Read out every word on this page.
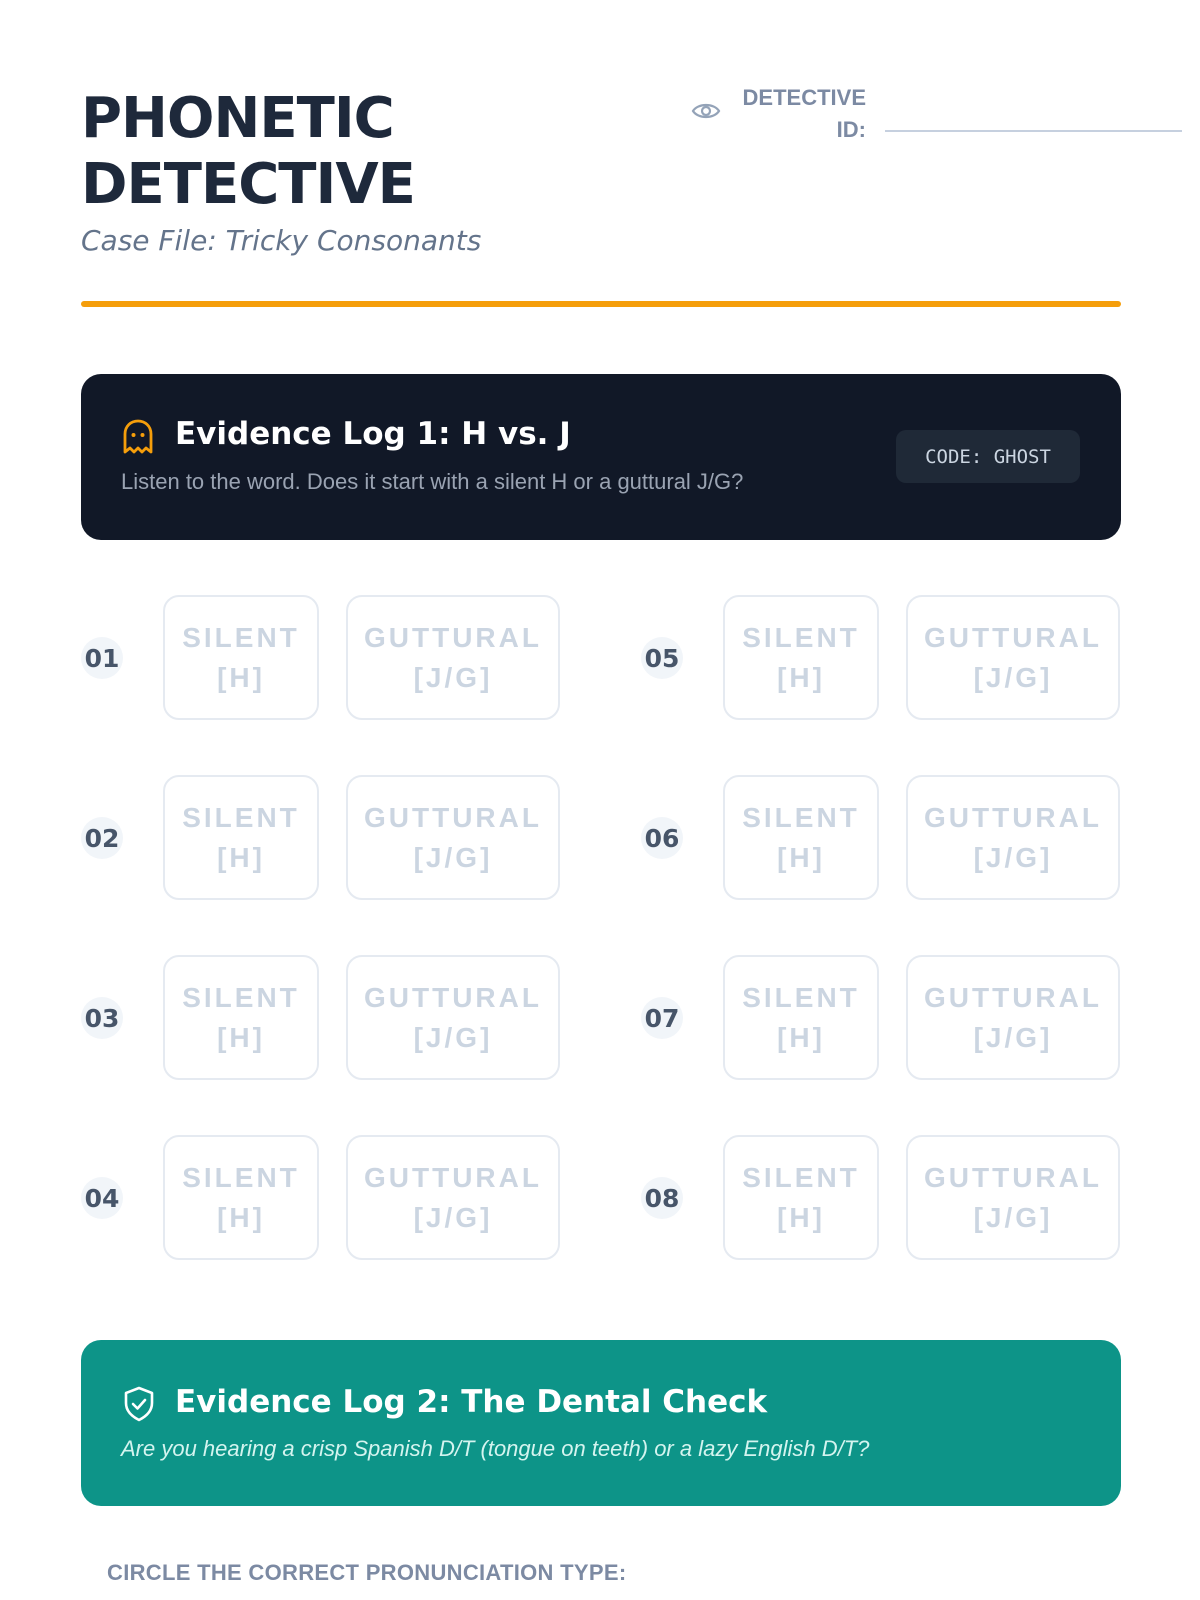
PHONETIC DETECTIVE
Case File: Tricky Consonants
DETECTIVE ID:
Evidence Log 1: H vs. J
Listen to the word. Does it start with a silent H or a guttural J/G?
CODE: GHOST
01
SILENT
[H]
GUTTURAL
[J/G]
02
SILENT
[H]
GUTTURAL
[J/G]
03
SILENT
[H]
GUTTURAL
[J/G]
04
SILENT
[H]
GUTTURAL
[J/G]
05
SILENT
[H]
GUTTURAL
[J/G]
06
SILENT
[H]
GUTTURAL
[J/G]
07
SILENT
[H]
GUTTURAL
[J/G]
08
SILENT
[H]
GUTTURAL
[J/G]
Evidence Log 2: The Dental Check
Are you hearing a crisp Spanish D/T (tongue on teeth) or a lazy English D/T?
CIRCLE THE CORRECT PRONUNCIATION TYPE:
